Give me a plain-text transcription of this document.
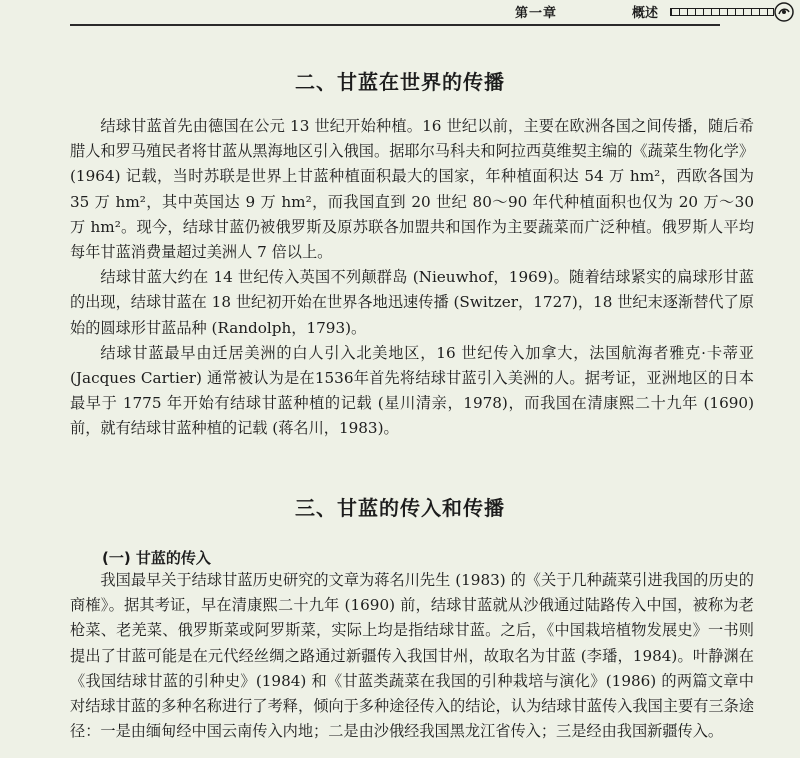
第一章	概述
二、甘蓝在世界的传播

结球甘蓝首先由德国在公元 13 世纪开始种植。16 世纪以前，主要在欧洲各国之间传播，随后希腊人和罗马殖民者将甘蓝从黑海地区引入俄国。据耶尔马科夫和阿拉西莫维契主编的《蔬菜生物化学》(1964) 记载，当时苏联是世界上甘蓝种植面积最大的国家，年种植面积达 54 万 hm²，西欧各国为 35 万 hm²，其中英国达 9 万 hm²，而我国直到 20 世纪 80～90 年代种植面积也仅为 20 万～30 万 hm²。现今，结球甘蓝仍被俄罗斯及原苏联各加盟共和国作为主要蔬菜而广泛种植。俄罗斯人平均每年甘蓝消费量超过美洲人 7 倍以上。

结球甘蓝大约在 14 世纪传入英国不列颠群岛 (Nieuwhof，1969)。随着结球紧实的扁球形甘蓝的出现，结球甘蓝在 18 世纪初开始在世界各地迅速传播 (Switzer，1727)，18 世纪末逐渐替代了原始的圆球形甘蓝品种 (Randolph，1793)。

结球甘蓝最早由迁居美洲的白人引入北美地区，16 世纪传入加拿大，法国航海者雅克·卡蒂亚 (Jacques Cartier) 通常被认为是在1536年首先将结球甘蓝引入美洲的人。据考证，亚洲地区的日本最早于 1775 年开始有结球甘蓝种植的记载 (星川清亲，1978)，而我国在清康熙二十九年 (1690) 前，就有结球甘蓝种植的记载 (蒋名川，1983)。

三、甘蓝的传入和传播
(一) 甘蓝的传入

我国最早关于结球甘蓝历史研究的文章为蒋名川先生 (1983) 的《关于几种蔬菜引进我国的历史的商榷》。据其考证，早在清康熙二十九年 (1690) 前，结球甘蓝就从沙俄通过陆路传入中国，被称为老枪菜、老羌菜、俄罗斯菜或阿罗斯菜，实际上均是指结球甘蓝。之后，《中国栽培植物发展史》一书则提出了甘蓝可能是在元代经丝绸之路通过新疆传入我国甘州，故取名为甘蓝 (李璠，1984)。叶静渊在《我国结球甘蓝的引种史》(1984) 和《甘蓝类蔬菜在我国的引种栽培与演化》(1986) 的两篇文章中对结球甘蓝的多种名称进行了考释，倾向于多种途径传入的结论，认为结球甘蓝传入我国主要有三条途径：一是由缅甸经中国云南传入内地；二是由沙俄经我国黑龙江省传入；三是经由我国新疆传入。
